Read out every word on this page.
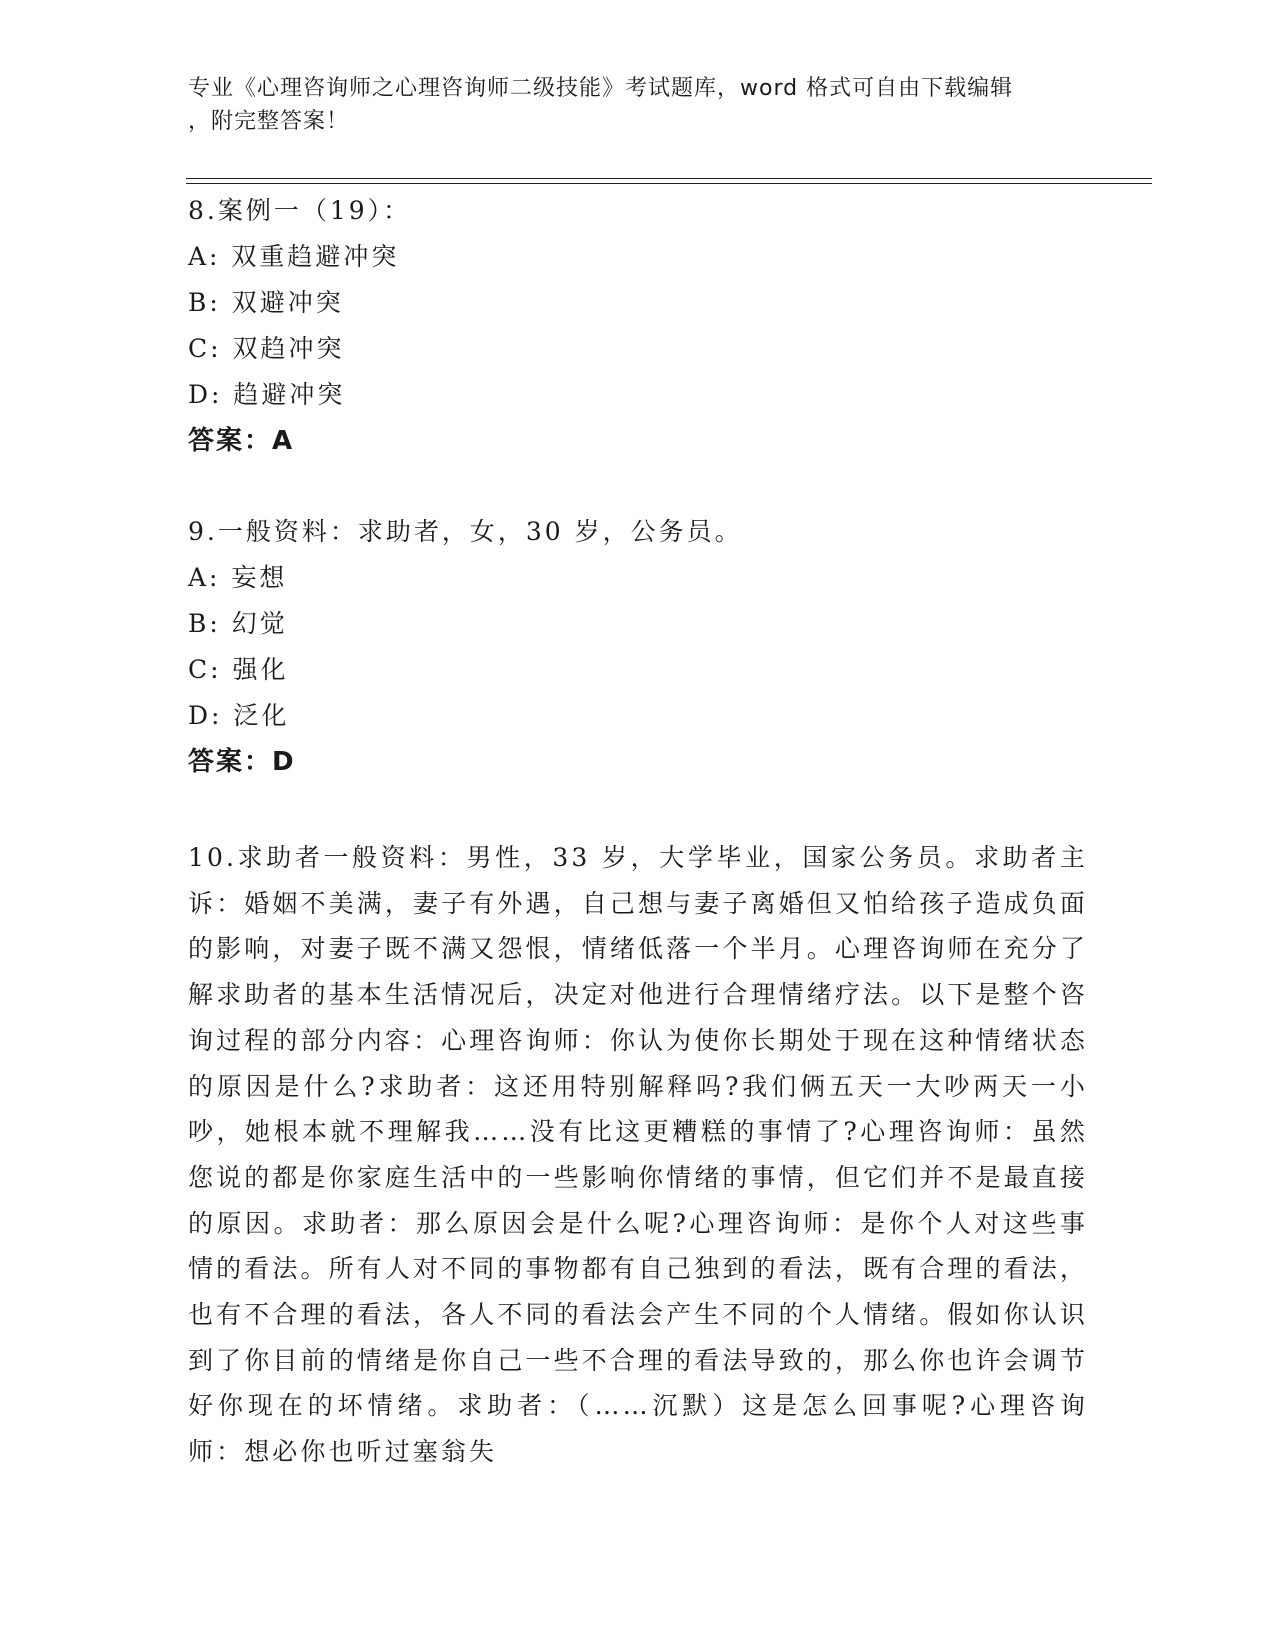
专业《心理咨询师之心理咨询师二级技能》考试题库，word 格式可自由下载编辑
，附完整答案！
8.案例一（19）：
A: 双重趋避冲突
B: 双避冲突
C: 双趋冲突
D: 趋避冲突
答案：A
9.一般资料：求助者，女，30 岁，公务员。
A: 妄想
B: 幻觉
C: 强化
D: 泛化
答案：D
10.求助者一般资料：男性，33 岁，大学毕业，国家公务员。求助者主诉：婚姻不美满，妻子有外遇，自己想与妻子离婚但又怕给孩子造成负面的影响，对妻子既不满又怨恨，情绪低落一个半月。心理咨询师在充分了解求助者的基本生活情况后，决定对他进行合理情绪疗法。以下是整个咨询过程的部分内容：心理咨询师：你认为使你长期处于现在这种情绪状态的原因是什么?求助者：这还用特别解释吗?我们俩五天一大吵两天一小吵，她根本就不理解我……没有比这更糟糕的事情了?心理咨询师：虽然您说的都是你家庭生活中的一些影响你情绪的事情，但它们并不是最直接的原因。求助者：那么原因会是什么呢?心理咨询师：是你个人对这些事情的看法。所有人对不同的事物都有自己独到的看法，既有合理的看法，也有不合理的看法，各人不同的看法会产生不同的个人情绪。假如你认识到了你目前的情绪是你自己一些不合理的看法导致的，那么你也许会调节好你现在的坏情绪。求助者：（……沉默）这是怎么回事呢?心理咨询师：想必你也听过塞翁失
